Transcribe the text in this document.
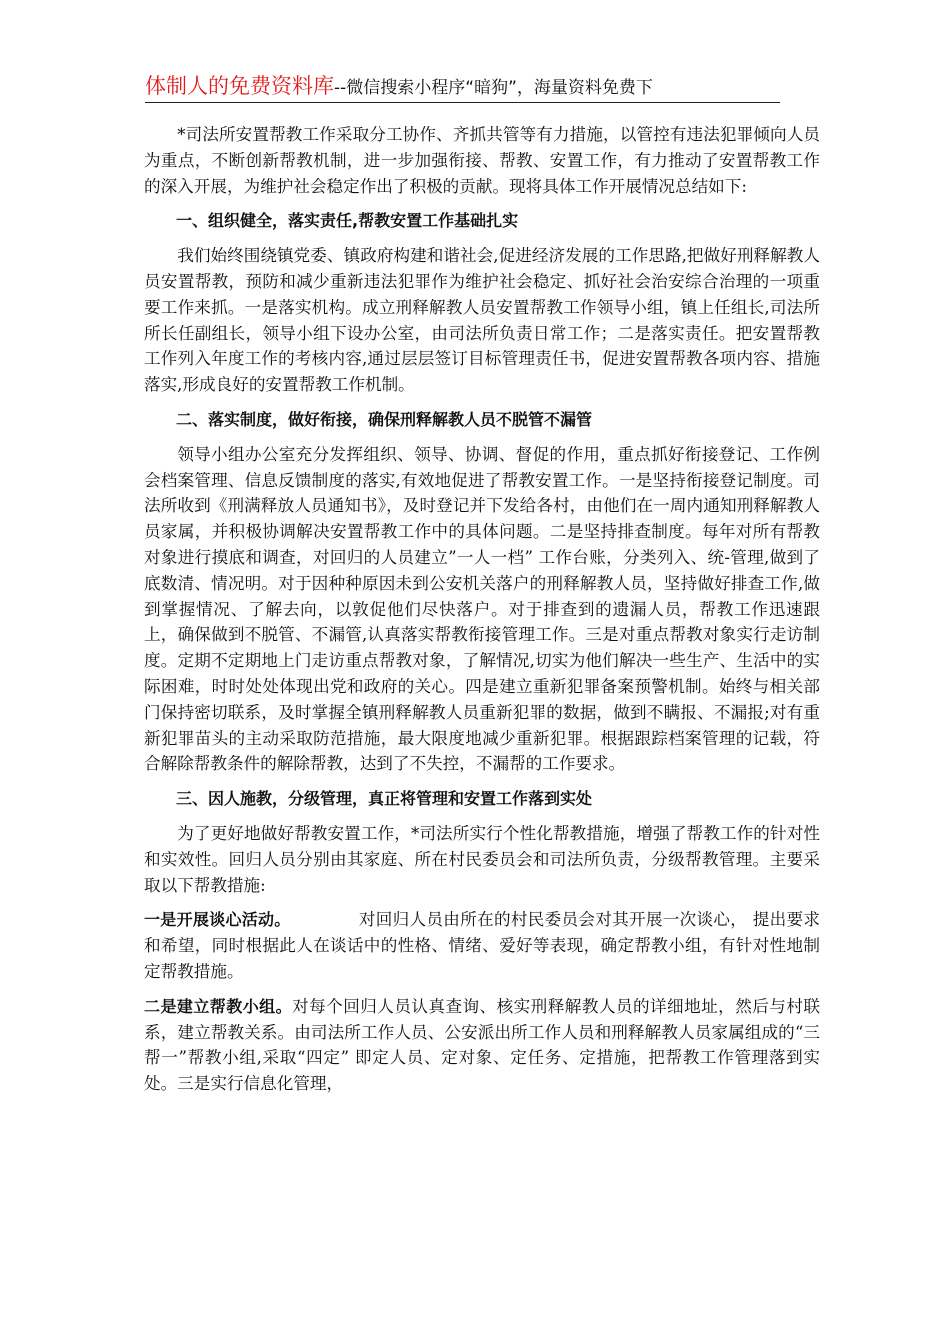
体制人的免费资料库--微信搜索小程序“暗狗”，海量资料免费下

*司法所安置帮教工作采取分工协作、齐抓共管等有力措施，以管控有违法犯罪倾向人员为重点，不断创新帮教机制，进一步加强衔接、帮教、安置工作，有力推动了安置帮教工作的深入开展，为维护社会稳定作出了积极的贡献。现将具体工作开展情况总结如下:

一、组织健全，落实责任,帮教安置工作基础扎实

我们始终围绕镇党委、镇政府构建和谐社会,促进经济发展的工作思路,把做好刑释解教人员安置帮教，预防和减少重新违法犯罪作为维护社会稳定、抓好社会治安综合治理的一项重要工作来抓。一是落实机构。成立刑释解教人员安置帮教工作领导小组，镇上任组长,司法所所长任副组长，领导小组下设办公室，由司法所负责日常工作；二是落实责任。把安置帮教工作列入年度工作的考核内容,通过层层签订目标管理责任书，促进安置帮教各项内容、措施落实,形成良好的安置帮教工作机制。

二、落实制度，做好衔接，确保刑释解教人员不脱管不漏管

领导小组办公室充分发挥组织、领导、协调、督促的作用，重点抓好衔接登记、工作例会档案管理、信息反馈制度的落实,有效地促进了帮教安置工作。一是坚持衔接登记制度。司法所收到《刑满释放人员通知书》，及时登记并下发给各村，由他们在一周内通知刑释解教人员家属，并积极协调解决安置帮教工作中的具体问题。二是坚持排查制度。每年对所有帮教对象进行摸底和调查，对回归的人员建立”一人一档” 工作台账，分类列入、统-管理,做到了底数清、情况明。对于因种种原因未到公安机关落户的刑释解教人员，坚持做好排查工作,做到掌握情况、了解去向，以敦促他们尽快落户。对于排查到的遗漏人员，帮教工作迅速跟上，确保做到不脱管、不漏管,认真落实帮教衔接管理工作。三是对重点帮教对象实行走访制度。定期不定期地上门走访重点帮教对象，了解情况,切实为他们解决一些生产、生活中的实际困难，时时处处体现出党和政府的关心。四是建立重新犯罪备案预警机制。始终与相关部门保持密切联系，及时掌握全镇刑释解教人员重新犯罪的数据，做到不瞒报、不漏报;对有重新犯罪苗头的主动采取防范措施，最大限度地减少重新犯罪。根据跟踪档案管理的记载，符合解除帮教条件的解除帮教，达到了不失控，不漏帮的工作要求。

三、因人施教，分级管理，真正将管理和安置工作落到实处

为了更好地做好帮教安置工作，*司法所实行个性化帮教措施，增强了帮教工作的针对性和实效性。回归人员分别由其家庭、所在村民委员会和司法所负责，分级帮教管理。主要采取以下帮教措施:

一是开展谈心活动。	对回归人员由所在的村民委员会对其开展一次谈心， 提出要求和希望，同时根据此人在谈话中的性格、情绪、爱好等表现，确定帮教小组，有针对性地制定帮教措施。

二是建立帮教小组。对每个回归人员认真查询、核实刑释解教人员的详细地址，然后与村联系，建立帮教关系。由司法所工作人员、公安派出所工作人员和刑释解教人员家属组成的“三帮一”帮教小组,采取“四定” 即定人员、定对象、定任务、定措施，把帮教工作管理落到实处。三是实行信息化管理，
